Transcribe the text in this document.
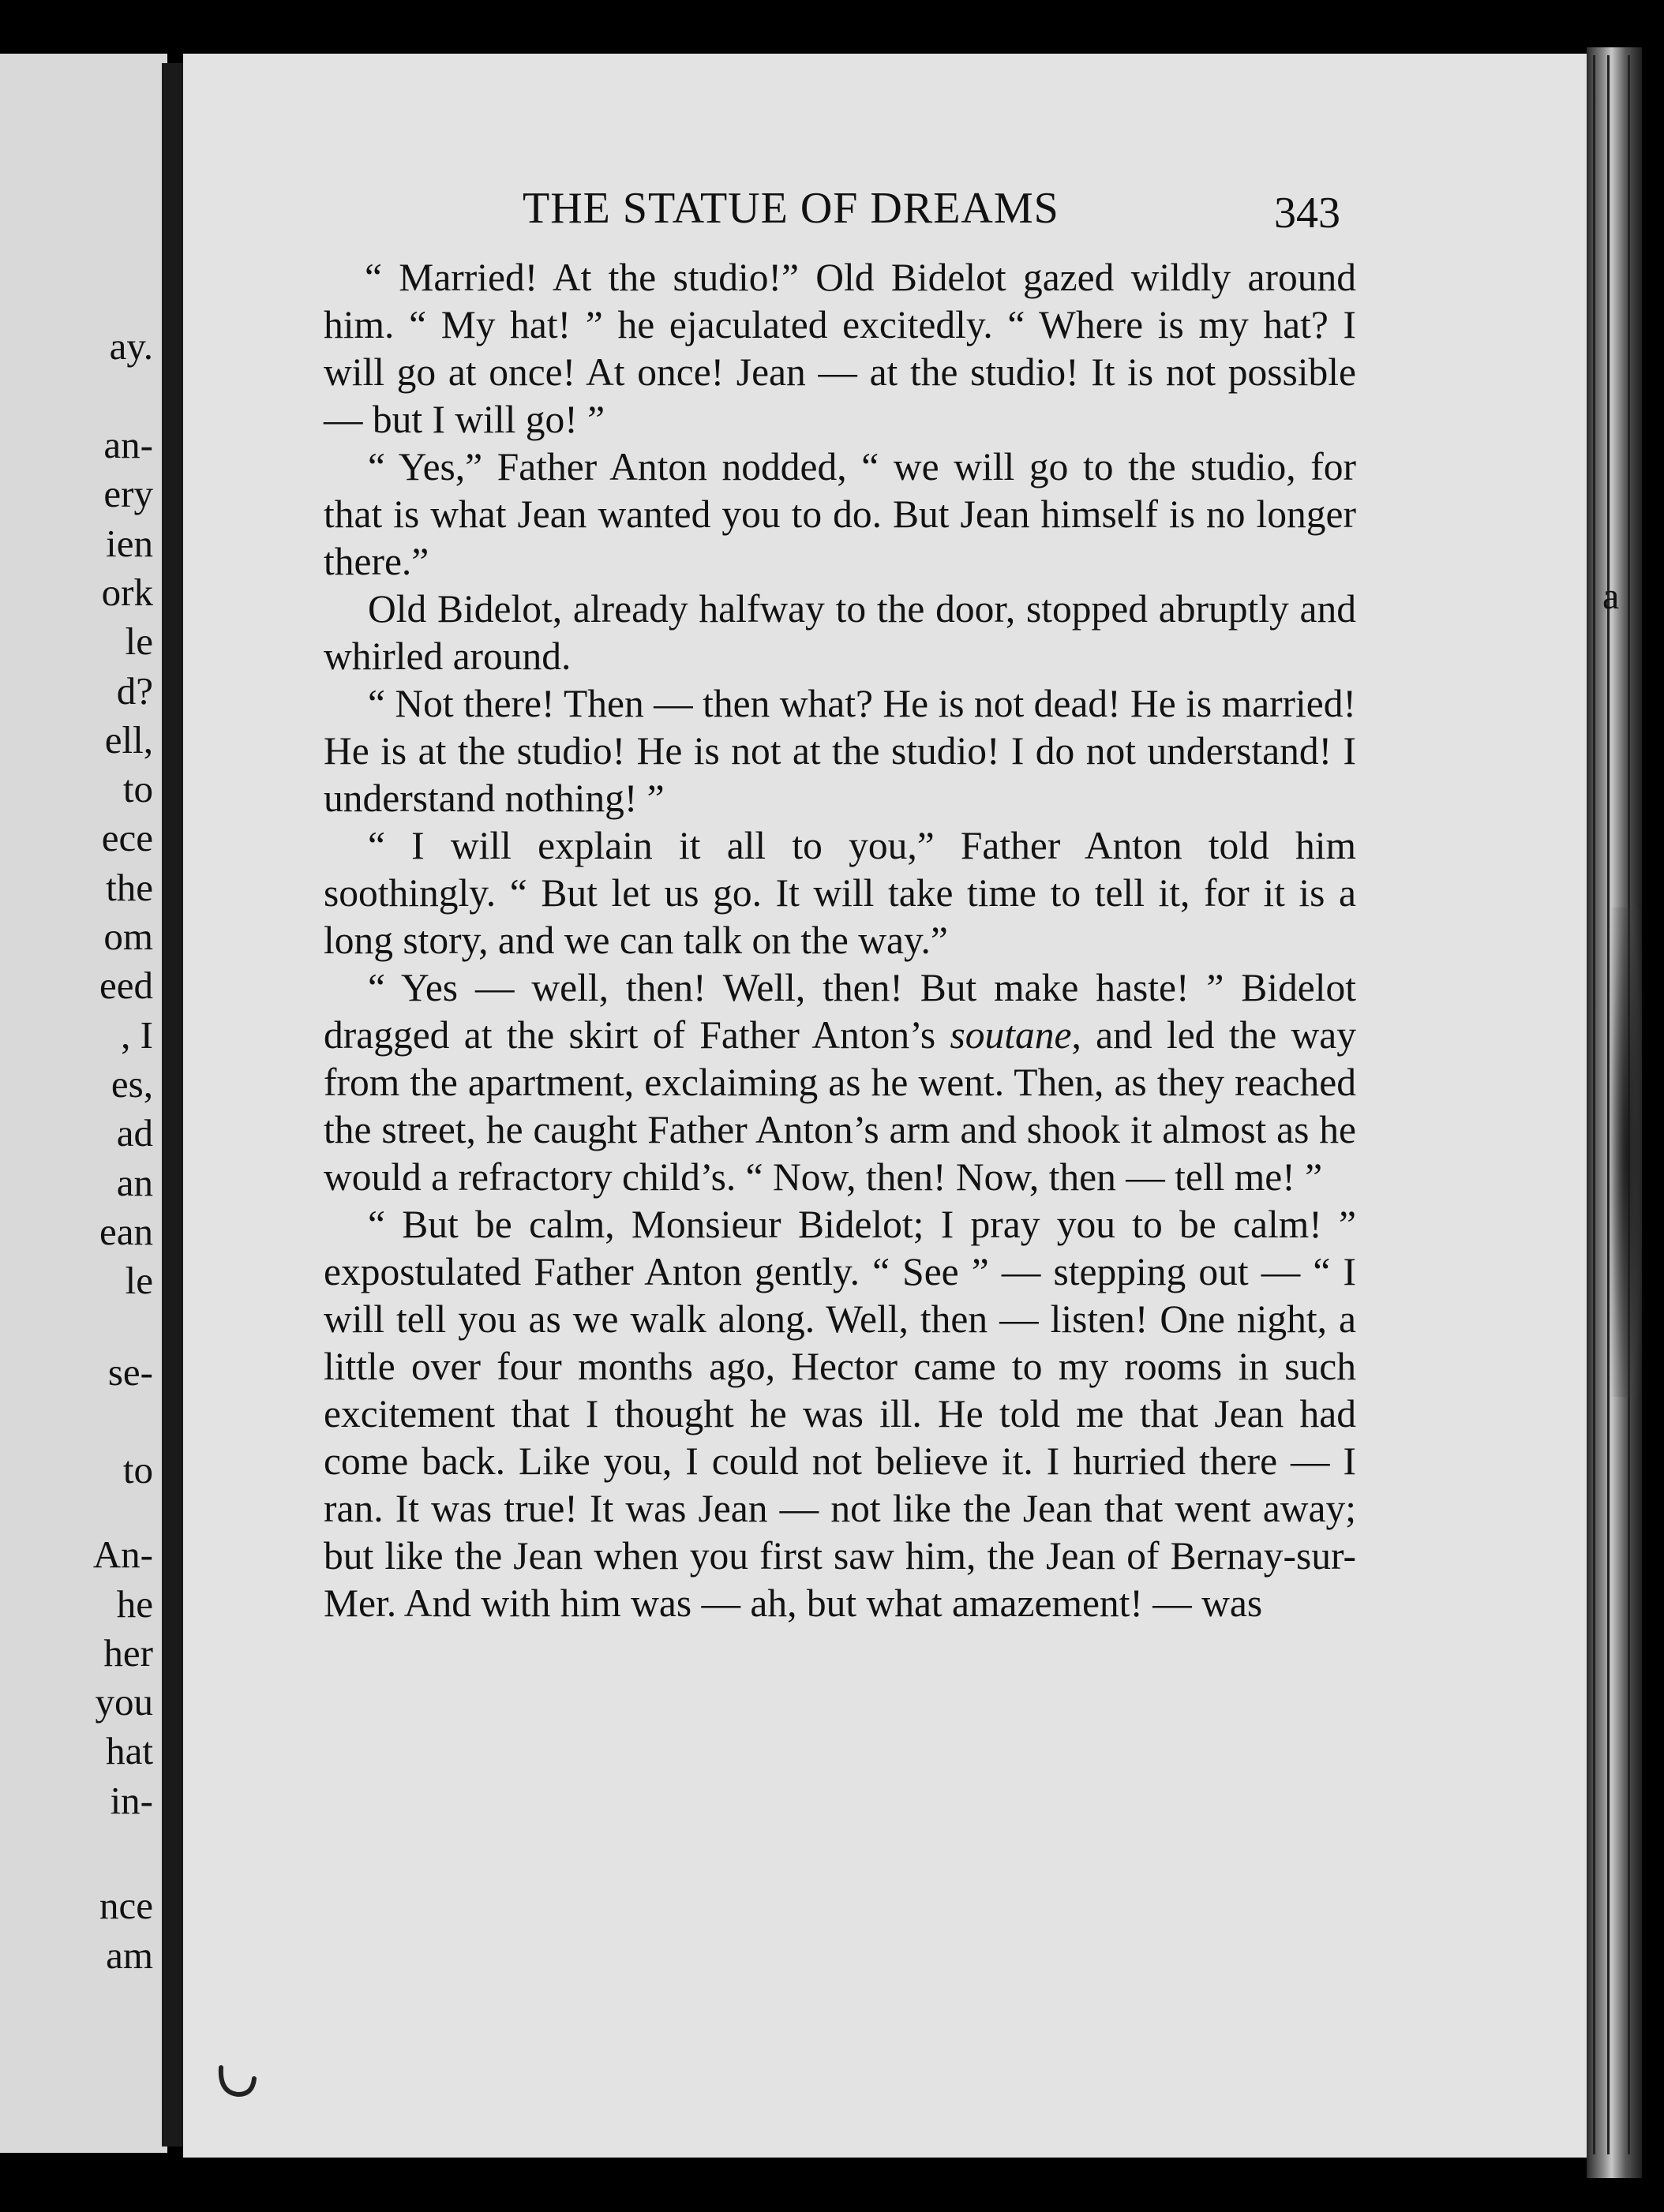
ay.

an-

ery

ien

ork

le

d?

ell,

to

ece

the

om

eed

, I

es,

ad

an

ean

le

se-

to

An-

he

her

you

hat

in-

nce

am

THE STATUE OF DREAMS	343

“ Married! At the studio!” Old Bidelot gazed wildly around him. “ My hat! ” he ejaculated excitedly. “ Where is my hat? I will go at once! At once! Jean — at the studio! It is not possible — but I will go! ”

“ Yes,” Father Anton nodded, “ we will go to the studio, for that is what Jean wanted you to do. But Jean himself is no longer there.”

Old Bidelot, already halfway to the door, stopped abruptly and whirled around.

“ Not there! Then — then what? He is not dead! He is married! He is at the studio! He is not at the studio! I do not understand! I understand nothing! ”

“ I will explain it all to you,” Father Anton told him soothingly. “ But let us go. It will take time to tell it, for it is a long story, and we can talk on the way.”

“ Yes — well, then! Well, then! But make haste! ” Bidelot dragged at the skirt of Father Anton’s soutane, and led the way from the apartment, exclaiming as he went. Then, as they reached the street, he caught Father Anton’s arm and shook it almost as he would a refractory child’s. “ Now, then! Now, then — tell me! ”

“ But be calm, Monsieur Bidelot; I pray you to be calm! ” expostulated Father Anton gently. “ See ” — stepping out — “ I will tell you as we walk along. Well, then — listen! One night, a little over four months ago, Hector came to my rooms in such excitement that I thought he was ill. He told me that Jean had come back. Like you, I could not believe it. I hurried there — I ran. It was true! It was Jean — not like the Jean that went away; but like the Jean when you first saw him, the Jean of Bernay-sur-Mer. And with him was — ah, but what amazement! — was

a
